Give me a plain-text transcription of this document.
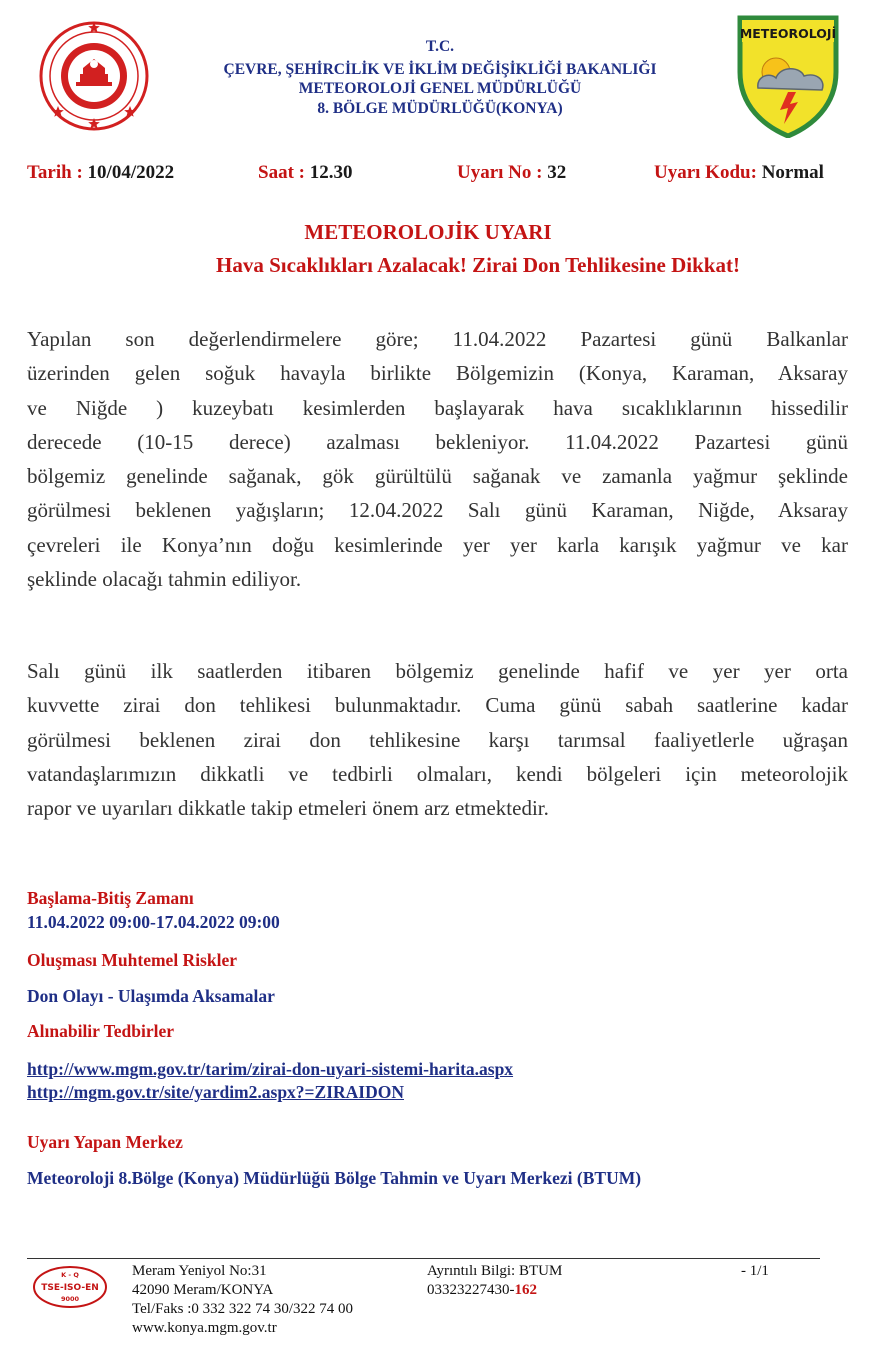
T.C.
ÇEVRE, ŞEHİRCİLİK VE İKLİM DEĞİŞİKLİĞİ BAKANLIĞI
METEOROLOJİ GENEL MÜDÜRLÜĞÜ
8. BÖLGE MÜDÜRLÜĞÜ(KONYA)
METEOROLOJİ
Tarih : 10/04/2022	Saat : 12.30	Uyarı No : 32	Uyarı Kodu: Normal
METEOROLOJİK UYARI
Hava Sıcaklıkları Azalacak! Zirai Don Tehlikesine Dikkat!
Yapılan son değerlendirmelere göre; 11.04.2022 Pazartesi günü Balkanlar
üzerinden gelen soğuk havayla birlikte Bölgemizin (Konya, Karaman, Aksaray
ve Niğde ) kuzeybatı kesimlerden başlayarak hava sıcaklıklarının hissedilir
derecede (10-15 derece) azalması bekleniyor. 11.04.2022 Pazartesi günü
bölgemiz genelinde sağanak, gök gürültülü sağanak ve zamanla yağmur şeklinde
görülmesi beklenen yağışların; 12.04.2022 Salı günü Karaman, Niğde, Aksaray
çevreleri ile Konya’nın doğu kesimlerinde yer yer karla karışık yağmur ve kar
şeklinde olacağı tahmin ediliyor.
Salı günü ilk saatlerden itibaren bölgemiz genelinde hafif ve yer yer orta
kuvvette zirai don tehlikesi bulunmaktadır. Cuma günü sabah saatlerine kadar
görülmesi beklenen zirai don tehlikesine karşı tarımsal faaliyetlerle uğraşan
vatandaşlarımızın dikkatli ve tedbirli olmaları, kendi bölgeleri için meteorolojik
rapor ve uyarıları dikkatle takip etmeleri önem arz etmektedir.
Başlama-Bitiş Zamanı
11.04.2022 09:00-17.04.2022 09:00
Oluşması Muhtemel Riskler
Don Olayı - Ulaşımda Aksamalar
Alınabilir Tedbirler
http://www.mgm.gov.tr/tarim/zirai-don-uyari-sistemi-harita.aspx
http://mgm.gov.tr/site/yardim2.aspx?=ZIRAIDON
Uyarı Yapan Merkez
Meteoroloji 8.Bölge (Konya) Müdürlüğü Bölge Tahmin ve Uyarı Merkezi (BTUM)
K - Q
TSE-ISO-EN
9000
Meram Yeniyol No:31
42090 Meram/KONYA
Tel/Faks :0 332 322 74 30/322 74 00
www.konya.mgm.gov.tr
Ayrıntılı Bilgi: BTUM
03323227430-162
- 1/1
